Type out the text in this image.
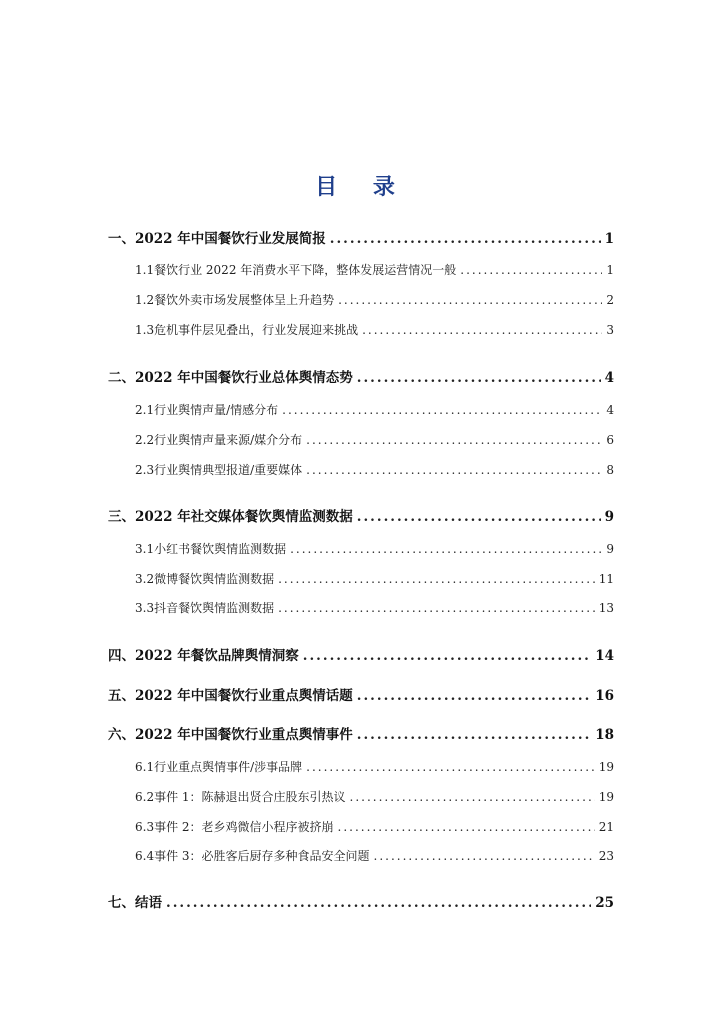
目 录
一、 2022 年中国餐饮行业发展简报 .....	1
1.1 餐饮行业 2022 年消费水平下降，整体发展运营情况一般 .....	1
1.2 餐饮外卖市场发展整体呈上升趋势 .....	2
1.3 危机事件层见叠出，行业发展迎来挑战 .....	3
二、 2022 年中国餐饮行业总体舆情态势 .....	4
2.1 行业舆情声量/情感分布 .....	4
2.2 行业舆情声量来源/媒介分布 .....	6
2.3 行业舆情典型报道/重要媒体 .....	8
三、 2022 年社交媒体餐饮舆情监测数据 .....	9
3.1 小红书餐饮舆情监测数据 .....	9
3.2 微博餐饮舆情监测数据 .....	11
3.3 抖音餐饮舆情监测数据 .....	13
四、 2022 年餐饮品牌舆情洞察 .....	14
五、 2022 年中国餐饮行业重点舆情话题 .....	16
六、 2022 年中国餐饮行业重点舆情事件 .....	18
6.1 行业重点舆情事件/涉事品牌 .....	19
6.2 事件 1：陈赫退出贤合庄股东引热议 .....	19
6.3 事件 2：老乡鸡微信小程序被挤崩 .....	21
6.4 事件 3：必胜客后厨存多种食品安全问题 .....	23
七、 结语 .....	25
